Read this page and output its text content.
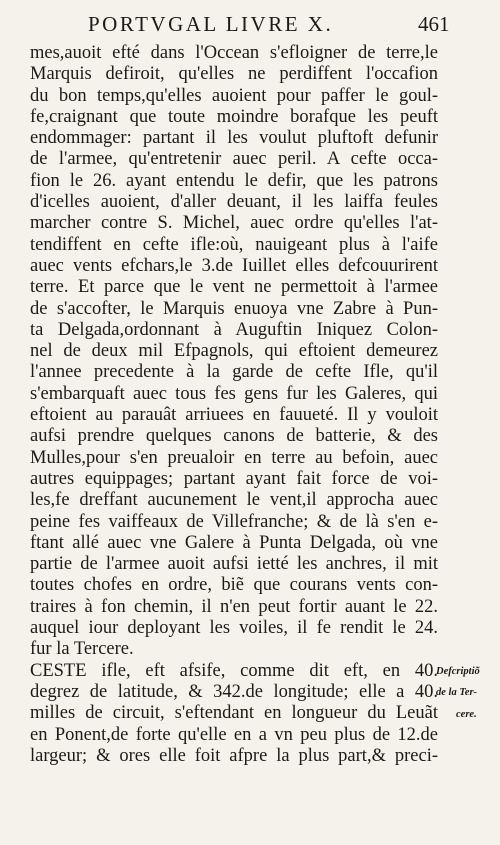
PORTVGAL LIVRE X.	461
mes,auoit efté dans l'Occean s'efloigner de terre,le
Marquis defiroit, qu'elles ne perdiffent l'occafion
du bon temps,qu'elles auoient pour paffer le goul-
fe,craignant que toute moindre borafque les peuft
endommager: partant il les voulut pluftoft defunir
de l'armee, qu'entretenir auec peril. A cefte occa-
fion le 26. ayant entendu le defir, que les patrons
d'icelles auoient, d'aller deuant, il les laiffa feules
marcher contre S. Michel, auec ordre qu'elles l'at-
tendiffent en cefte ifle:où, nauigeant plus à l'aife
auec vents efchars,le 3.de Iuillet elles defcouurirent
terre. Et parce que le vent ne permettoit à l'armee
de s'accofter, le Marquis enuoya vne Zabre à Pun-
ta Delgada,ordonnant à Auguftin Iniquez Colon-
nel de deux mil Efpagnols, qui eftoient demeurez
l'annee precedente à la garde de cefte Ifle, qu'il
s'embarquaft auec tous fes gens fur les Galeres, qui
eftoient au parauât arriuees en fauueté. Il y vouloit
aufsi prendre quelques canons de batterie, & des
Mulles,pour s'en preualoir en terre au befoin, auec
autres equippages; partant ayant fait force de voi-
les,fe dreffant aucunement le vent,il approcha auec
peine fes vaiffeaux de Villefranche; & de là s'en e-
ftant allé auec vne Galere à Punta Delgada, où vne
partie de l'armee auoit aufsi ietté les anchres, il mit
toutes chofes en ordre, biẽ que courans vents con-
traires à fon chemin, il n'en peut fortir auant le 22.
auquel iour deployant les voiles, il fe rendit le 24.
fur la Tercere.
CESTE ifle, eft afsife, comme dit eft, en 40.
degrez de latitude, & 342.de longitude; elle a 40.
milles de circuit, s'eftendant en longueur du Leuãt
en Ponent,de forte qu'elle en a vn peu plus de 12.de
largeur; & ores elle foit afpre la plus part,& preci-
Defcriptiõ
de la Ter-
cere.
